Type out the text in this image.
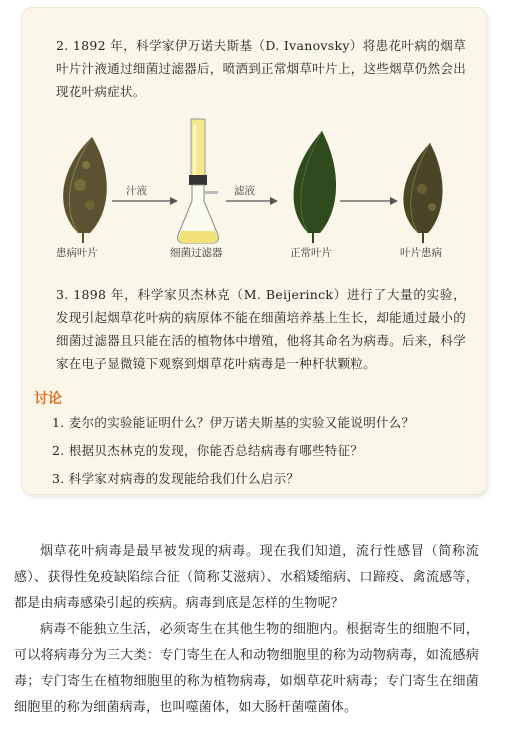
2. 1892 年，科学家伊万诺夫斯基（D. Ivanovsky）将患花叶病的烟草叶片汁液通过细菌过滤器后，喷洒到正常烟草叶片上，这些烟草仍然会出现花叶病症状。

汁液	滤液
患病叶片	细菌过滤器	正常叶片	叶片患病

3. 1898 年，科学家贝杰林克（M. Beijerinck）进行了大量的实验，发现引起烟草花叶病的病原体不能在细菌培养基上生长，却能通过最小的细菌过滤器且只能在活的植物体中增殖，他将其命名为病毒。后来，科学家在电子显微镜下观察到烟草花叶病毒是一种杆状颗粒。

讨论
1. 麦尔的实验能证明什么？伊万诺夫斯基的实验又能说明什么？
2. 根据贝杰林克的发现，你能否总结病毒有哪些特征？
3. 科学家对病毒的发现能给我们什么启示？

烟草花叶病毒是最早被发现的病毒。现在我们知道，流行性感冒（简称流感）、获得性免疫缺陷综合征（简称艾滋病）、水稻矮缩病、口蹄疫、禽流感等，都是由病毒感染引起的疾病。病毒到底是怎样的生物呢？

病毒不能独立生活，必须寄生在其他生物的细胞内。根据寄生的细胞不同，可以将病毒分为三大类：专门寄生在人和动物细胞里的称为动物病毒，如流感病毒；专门寄生在植物细胞里的称为植物病毒，如烟草花叶病毒；专门寄生在细菌细胞里的称为细菌病毒，也叫噬菌体，如大肠杆菌噬菌体。
